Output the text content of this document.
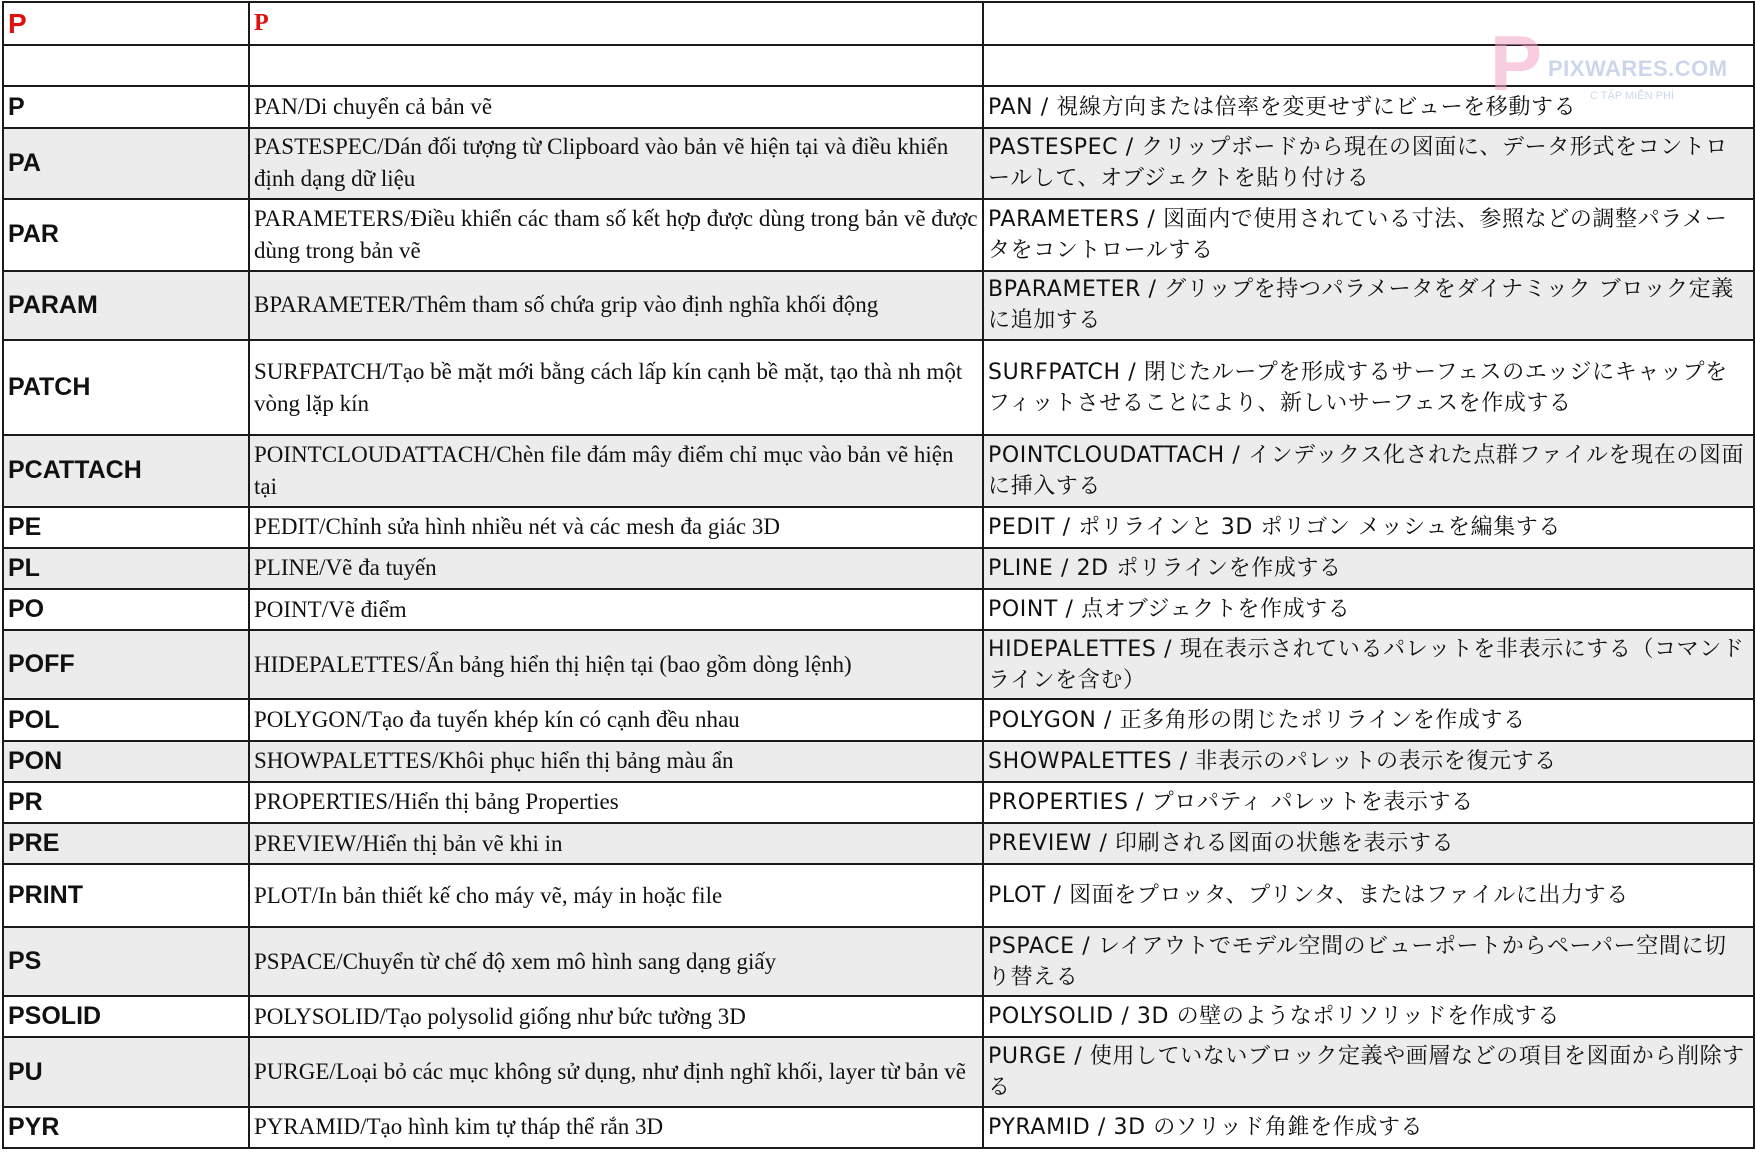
P	P	

P	PAN/Di chuyển cả bản vẽ	PAN / 視線方向または倍率を変更せずにビューを移動する
PA	PASTESPEC/Dán đối tượng từ Clipboard vào bản vẽ hiện tại và điều khiển định dạng dữ liệu	PASTESPEC / クリップボードから現在の図面に、データ形式をコントロールして、オブジェクトを貼り付ける
PAR	PARAMETERS/Điều khiển các tham số kết hợp được dùng trong bản vẽ được dùng trong bản vẽ	PARAMETERS / 図面内で使用されている寸法、参照などの調整パラメータをコントロールする
PARAM	BPARAMETER/Thêm tham số chứa grip vào định nghĩa khối động	BPARAMETER / グリップを持つパラメータをダイナミック ブロック定義に追加する
PATCH	SURFPATCH/Tạo bề mặt mới bằng cách lấp kín cạnh bề mặt, tạo thà nh một vòng lặp kín	SURFPATCH / 閉じたループを形成するサーフェスのエッジにキャップをフィットさせることにより、新しいサーフェスを作成する
PCATTACH	POINTCLOUDATTACH/Chèn file đám mây điểm chỉ mục vào bản vẽ hiện tại	POINTCLOUDATTACH / インデックス化された点群ファイルを現在の図面に挿入する
PE	PEDIT/Chỉnh sửa hình nhiều nét và các mesh đa giác 3D	PEDIT / ポリラインと 3D ポリゴン メッシュを編集する
PL	PLINE/Vẽ đa tuyến	PLINE / 2D ポリラインを作成する
PO	POINT/Vẽ điểm	POINT / 点オブジェクトを作成する
POFF	HIDEPALETTES/Ẩn bảng hiển thị hiện tại (bao gồm dòng lệnh)	HIDEPALETTES / 現在表示されているパレットを非表示にする（コマンド ラインを含む）
POL	POLYGON/Tạo đa tuyến khép kín có cạnh đều nhau	POLYGON / 正多角形の閉じたポリラインを作成する
PON	SHOWPALETTES/Khôi phục hiển thị bảng màu ẩn	SHOWPALETTES / 非表示のパレットの表示を復元する
PR	PROPERTIES/Hiển thị bảng Properties	PROPERTIES / プロパティ パレットを表示する
PRE	PREVIEW/Hiển thị bản vẽ khi in	PREVIEW / 印刷される図面の状態を表示する
PRINT	PLOT/In bản thiết kế cho máy vẽ, máy in hoặc file	PLOT / 図面をプロッタ、プリンタ、またはファイルに出力する
PS	PSPACE/Chuyển từ chế độ xem mô hình sang dạng giấy	PSPACE / レイアウトでモデル空間のビューポートからペーパー空間に切り替える
PSOLID	POLYSOLID/Tạo polysolid giống như bức tường 3D	POLYSOLID / 3D の壁のようなポリソリッドを作成する
PU	PURGE/Loại bỏ các mục không sử dụng, như định nghĩ khối, layer từ bản vẽ	PURGE / 使用していないブロック定義や画層などの項目を図面から削除する
PYR	PYRAMID/Tạo hình kim tự tháp thể rắn 3D	PYRAMID / 3D のソリッド角錐を作成する
P PIXWARES.COM
C TẬP MIỄN PHÍ
